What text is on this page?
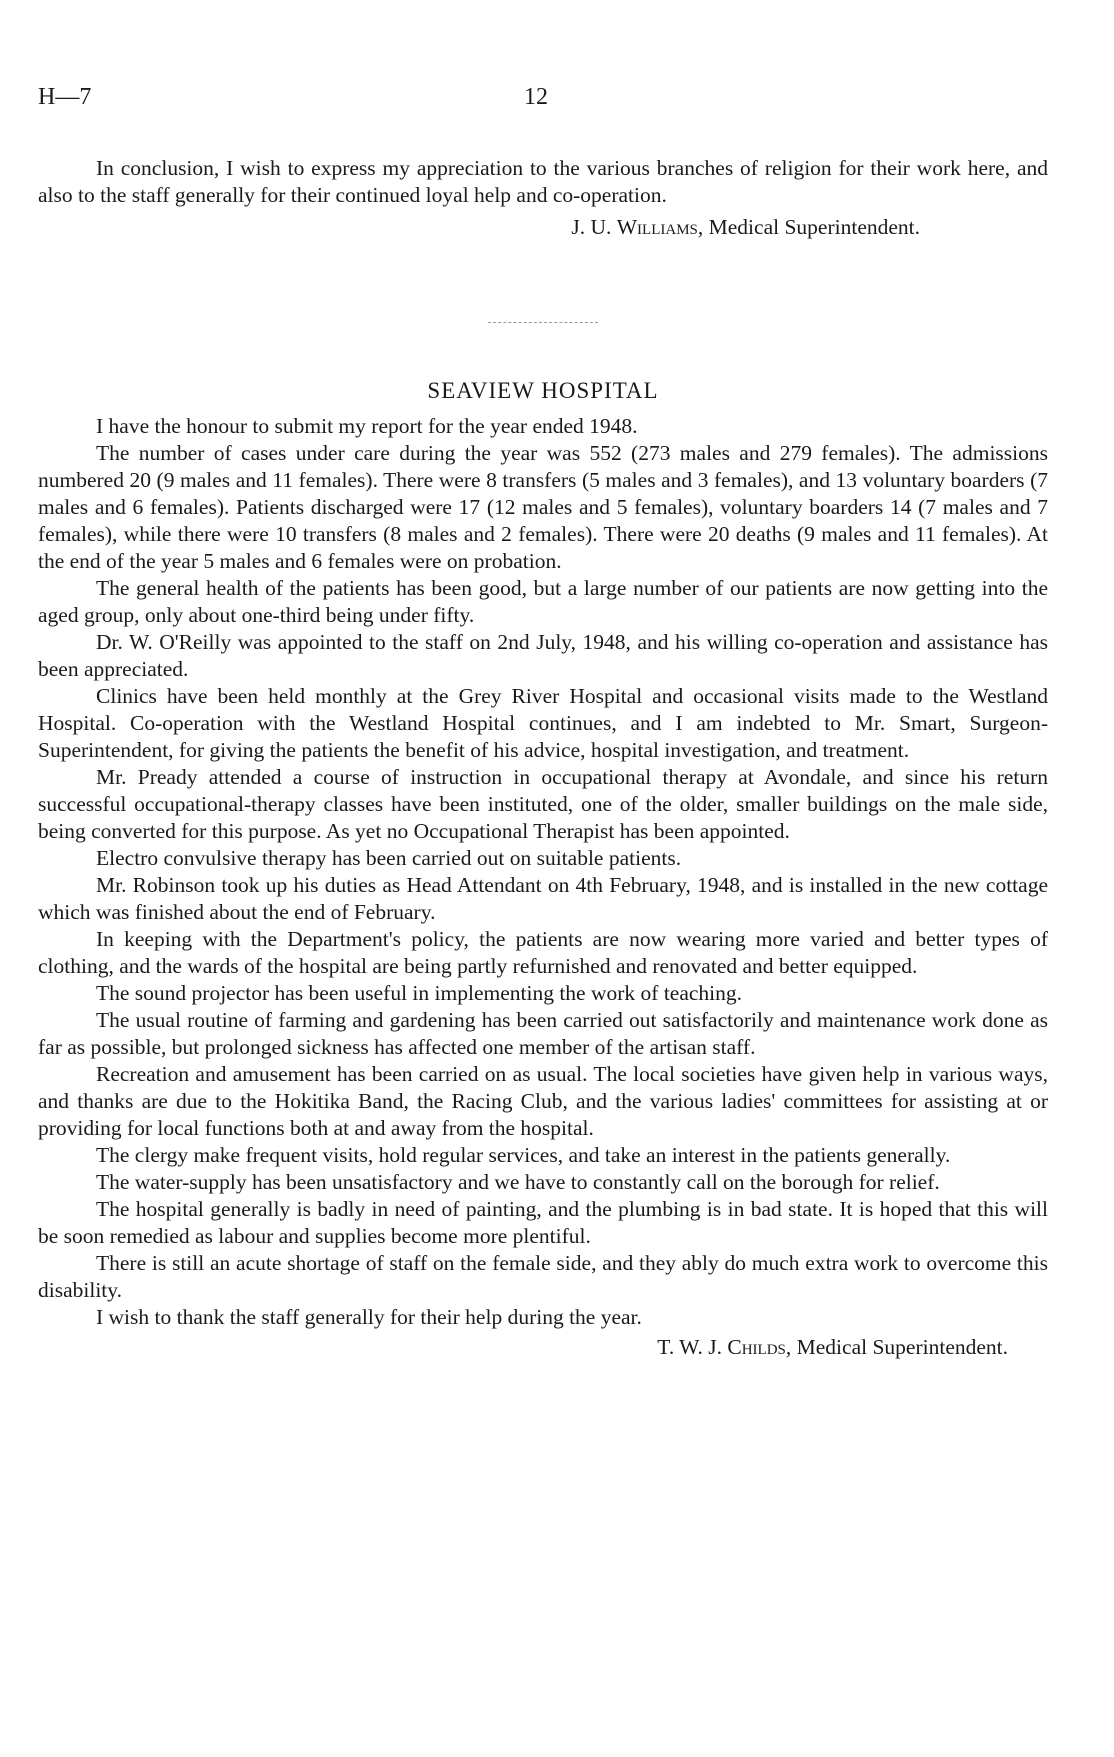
H—7	12

In conclusion, I wish to express my appreciation to the various branches of religion for their work here, and also to the staff generally for their continued loyal help and co-operation.

J. U. Williams, Medical Superintendent.
SEAVIEW HOSPITAL

I have the honour to submit my report for the year ended 1948.

The number of cases under care during the year was 552 (273 males and 279 females). The admissions numbered 20 (9 males and 11 females). There were 8 transfers (5 males and 3 females), and 13 voluntary boarders (7 males and 6 females). Patients discharged were 17 (12 males and 5 females), voluntary boarders 14 (7 males and 7 females), while there were 10 transfers (8 males and 2 females). There were 20 deaths (9 males and 11 females). At the end of the year 5 males and 6 females were on probation.

The general health of the patients has been good, but a large number of our patients are now getting into the aged group, only about one-third being under fifty.

Dr. W. O'Reilly was appointed to the staff on 2nd July, 1948, and his willing co-operation and assistance has been appreciated.

Clinics have been held monthly at the Grey River Hospital and occasional visits made to the Westland Hospital. Co-operation with the Westland Hospital continues, and I am indebted to Mr. Smart, Surgeon-Superintendent, for giving the patients the benefit of his advice, hospital investigation, and treatment.

Mr. Pready attended a course of instruction in occupational therapy at Avondale, and since his return successful occupational-therapy classes have been instituted, one of the older, smaller buildings on the male side, being converted for this purpose. As yet no Occupational Therapist has been appointed.

Electro convulsive therapy has been carried out on suitable patients.

Mr. Robinson took up his duties as Head Attendant on 4th February, 1948, and is installed in the new cottage which was finished about the end of February.

In keeping with the Department's policy, the patients are now wearing more varied and better types of clothing, and the wards of the hospital are being partly refurnished and renovated and better equipped.

The sound projector has been useful in implementing the work of teaching.

The usual routine of farming and gardening has been carried out satisfactorily and maintenance work done as far as possible, but prolonged sickness has affected one member of the artisan staff.

Recreation and amusement has been carried on as usual. The local societies have given help in various ways, and thanks are due to the Hokitika Band, the Racing Club, and the various ladies' committees for assisting at or providing for local functions both at and away from the hospital.

The clergy make frequent visits, hold regular services, and take an interest in the patients generally.

The water-supply has been unsatisfactory and we have to constantly call on the borough for relief.

The hospital generally is badly in need of painting, and the plumbing is in bad state. It is hoped that this will be soon remedied as labour and supplies become more plentiful.

There is still an acute shortage of staff on the female side, and they ably do much extra work to overcome this disability.

I wish to thank the staff generally for their help during the year.

T. W. J. Childs, Medical Superintendent.
